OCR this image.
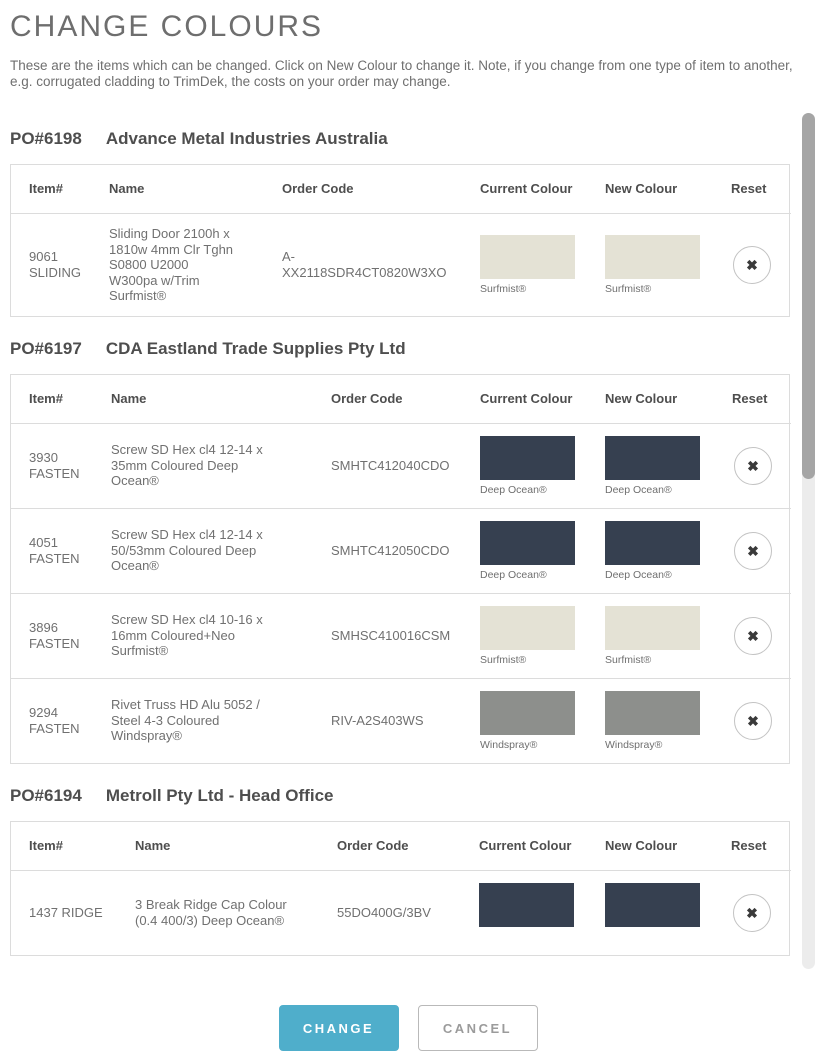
CHANGE COLOURS

These are the items which can be changed. Click on New Colour to change it. Note, if you change from one type of item to another, e.g. corrugated cladding to TrimDek, the costs on your order may change.

PO#6198 Advance Metal Industries Australia
Item#	Name	Order Code	Current Colour	New Colour	Reset
9061 SLIDING	Sliding Door 2100h x 1810w 4mm Clr Tghn S0800 U2000 W300pa w/Trim Surfmist®	A-XX2118SDR4CT0820W3XO	Surfmist®	Surfmist®	✖
PO#6197 CDA Eastland Trade Supplies Pty Ltd
Item#	Name	Order Code	Current Colour	New Colour	Reset
3930 FASTEN	Screw SD Hex cl4 12-14 x 35mm Coloured Deep Ocean®	SMHTC412040CDO	Deep Ocean®	Deep Ocean®	✖

4051 FASTEN	Screw SD Hex cl4 12-14 x 50/53mm Coloured Deep Ocean®	SMHTC412050CDO	Deep Ocean®	Deep Ocean®	✖

3896 FASTEN	Screw SD Hex cl4 10-16 x 16mm Coloured+Neo Surfmist®	SMHSC410016CSM	Surfmist®	Surfmist®	✖

9294 FASTEN	Rivet Truss HD Alu 5052 / Steel 4-3 Coloured Windspray®	RIV-A2S403WS	Windspray®	Windspray®	✖
PO#6194 Metroll Pty Ltd - Head Office
Item#	Name	Order Code	Current Colour	New Colour	Reset
1437 RIDGE	3 Break Ridge Cap Colour (0.4 400/3) Deep Ocean®	55DO400G/3BV			✖
CHANGE	CANCEL
